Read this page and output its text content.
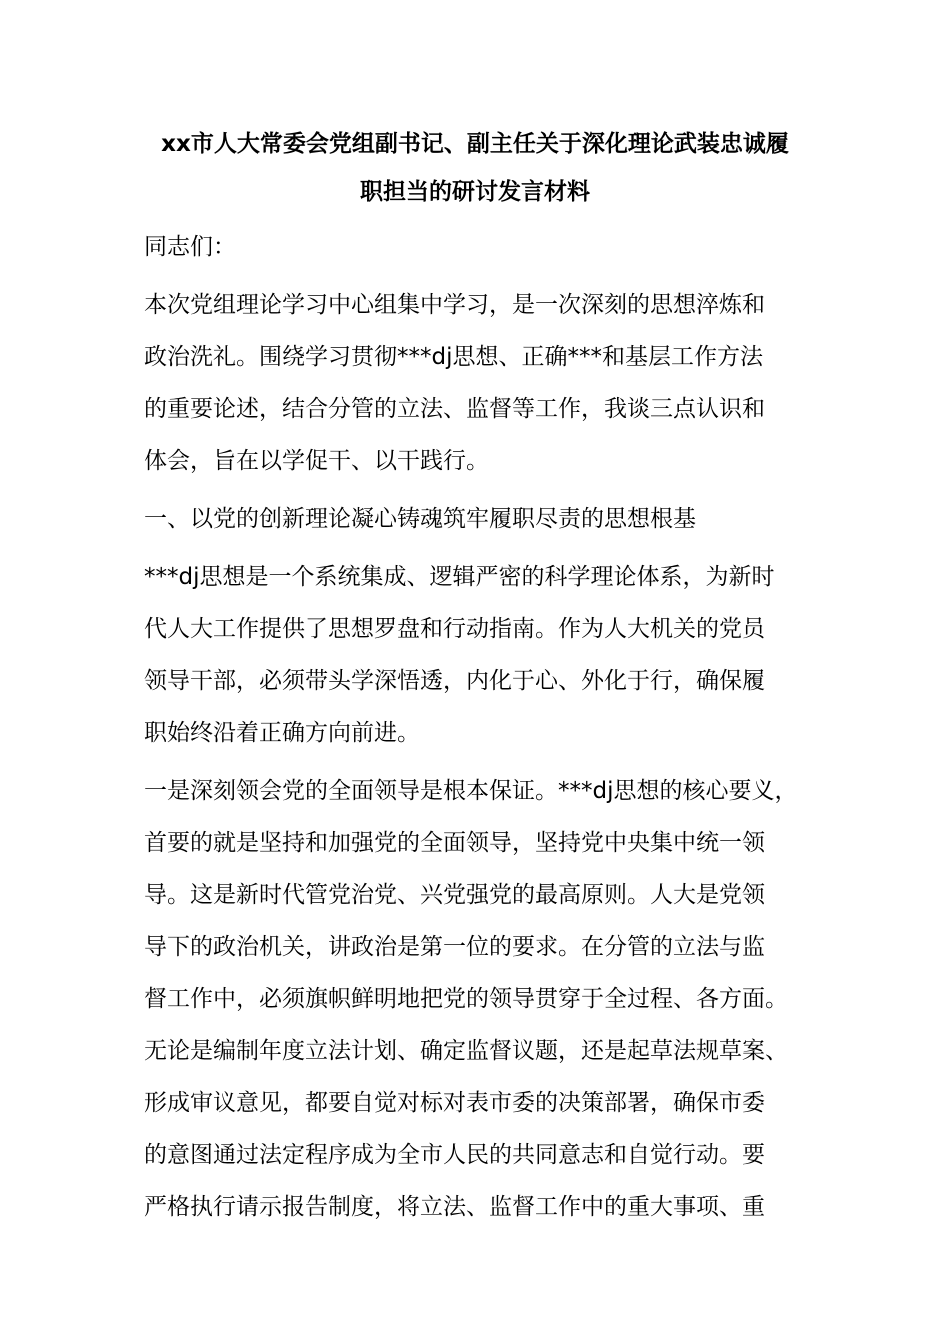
xx市人大常委会党组副书记、副主任关于深化理论武装忠诚履
职担当的研讨发言材料
同志们：
本次党组理论学习中心组集中学习，是一次深刻的思想淬炼和
政治洗礼。围绕学习贯彻***dj思想、正确***和基层工作方法
的重要论述，结合分管的立法、监督等工作，我谈三点认识和
体会，旨在以学促干、以干践行。
一、以党的创新理论凝心铸魂筑牢履职尽责的思想根基
***dj思想是一个系统集成、逻辑严密的科学理论体系，为新时
代人大工作提供了思想罗盘和行动指南。作为人大机关的党员
领导干部，必须带头学深悟透，内化于心、外化于行，确保履
职始终沿着正确方向前进。
一是深刻领会党的全面领导是根本保证。***dj思想的核心要义，
首要的就是坚持和加强党的全面领导，坚持党中央集中统一领
导。这是新时代管党治党、兴党强党的最高原则。人大是党领
导下的政治机关，讲政治是第一位的要求。在分管的立法与监
督工作中，必须旗帜鲜明地把党的领导贯穿于全过程、各方面。
无论是编制年度立法计划、确定监督议题，还是起草法规草案、
形成审议意见，都要自觉对标对表市委的决策部署，确保市委
的意图通过法定程序成为全市人民的共同意志和自觉行动。要
严格执行请示报告制度，将立法、监督工作中的重大事项、重
